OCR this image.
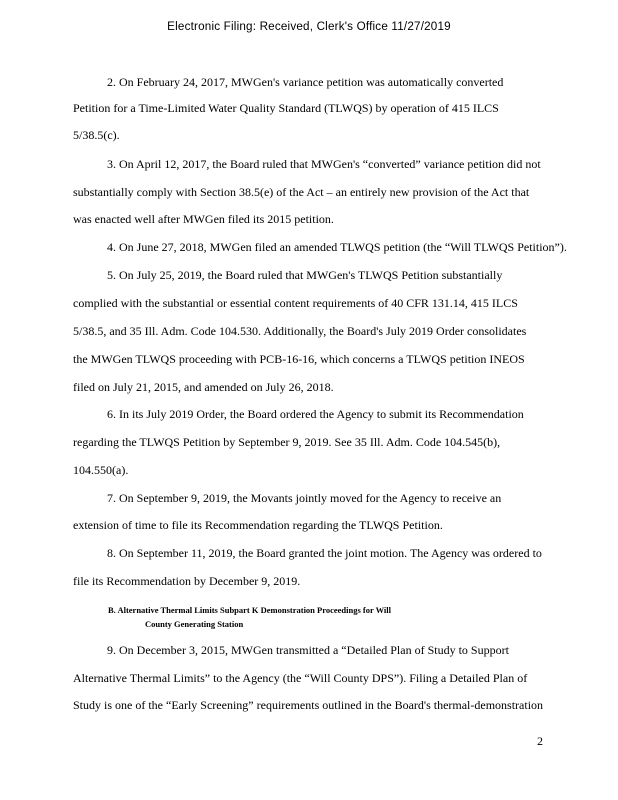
Electronic Filing: Received, Clerk's Office 11/27/2019
2. On February 24, 2017, MWGen's variance petition was automatically converted
Petition for a Time-Limited Water Quality Standard (TLWQS) by operation of 415 ILCS
5/38.5(c).
3. On April 12, 2017, the Board ruled that MWGen's “converted” variance petition did not
substantially comply with Section 38.5(e) of the Act – an entirely new provision of the Act that
was enacted well after MWGen filed its 2015 petition.
4. On June 27, 2018, MWGen filed an amended TLWQS petition (the “Will TLWQS Petition”).
5. On July 25, 2019, the Board ruled that MWGen's TLWQS Petition substantially
complied with the substantial or essential content requirements of 40 CFR 131.14, 415 ILCS
5/38.5, and 35 Ill. Adm. Code 104.530. Additionally, the Board's July 2019 Order consolidates
the MWGen TLWQS proceeding with PCB-16-16, which concerns a TLWQS petition INEOS
filed on July 21, 2015, and amended on July 26, 2018.
6. In its July 2019 Order, the Board ordered the Agency to submit its Recommendation
regarding the TLWQS Petition by September 9, 2019. See 35 Ill. Adm. Code 104.545(b),
104.550(a).
7. On September 9, 2019, the Movants jointly moved for the Agency to receive an
extension of time to file its Recommendation regarding the TLWQS Petition.
8. On September 11, 2019, the Board granted the joint motion. The Agency was ordered to
file its Recommendation by December 9, 2019.
B. Alternative Thermal Limits Subpart K Demonstration Proceedings for Will
County Generating Station
9. On December 3, 2015, MWGen transmitted a “Detailed Plan of Study to Support
Alternative Thermal Limits” to the Agency (the “Will County DPS”). Filing a Detailed Plan of
Study is one of the “Early Screening” requirements outlined in the Board's thermal-demonstration
2
